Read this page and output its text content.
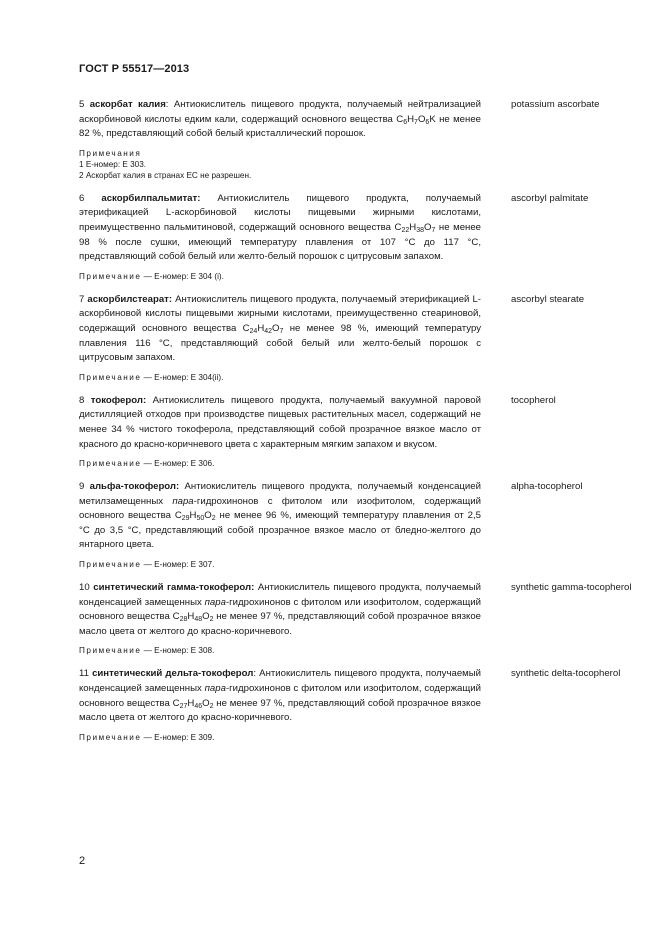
ГОСТ Р 55517—2013
5 аскорбат калия: Антиокислитель пищевого продукта, получаемый нейтрализацией аскорбиновой кислоты едким кали, содержащий основного вещества $C_6H_7O_6K$ не менее 82 %, представляющий собой белый кристаллический порошок.
potassium ascorbate
Примечания
1 Е-номер: Е 303.
2 Аскорбат калия в странах ЕС не разрешен.
6 аскорбилпальмитат: Антиокислитель пищевого продукта, получаемый этерификацией L-аскорбиновой кислоты пищевыми жирными кислотами, преимущественно пальмитиновой, содержащий основного вещества $C_{22}H_{38}O_7$ не менее 98 % после сушки, имеющий температуру плавления от 107 °С до 117 °С, представляющий собой белый или желто-белый порошок с цитрусовым запахом.
ascorbyl palmitate
Примечание — Е-номер: Е 304 (i).
7 аскорбилстеарат: Антиокислитель пищевого продукта, получаемый этерификацией L-аскорбиновой кислоты пищевыми жирными кислотами, преимущественно стеариновой, содержащий основного вещества $C_{24}H_{42}O_7$ не менее 98 %, имеющий температуру плавления 116 °С, представляющий собой белый или желто-белый порошок с цитрусовым запахом.
ascorbyl stearate
Примечание — Е-номер: Е 304(ii).
8 токоферол: Антиокислитель пищевого продукта, получаемый вакуумной паровой дистилляцией отходов при производстве пищевых растительных масел, содержащий не менее 34 % чистого токоферола, представляющий собой прозрачное вязкое масло от красного до красно-коричневого цвета с характерным мягким запахом и вкусом.
tocopherol
Примечание — Е-номер: Е 306.
9 альфа-токоферол: Антиокислитель пищевого продукта, получаемый конденсацией метилзамещенных пара-гидрохинонов с фитолом или изофитолом, содержащий основного вещества $C_{29}H_{50}O_2$ не менее 96 %, имеющий температуру плавления от 2,5 °С до 3,5 °С, представляющий собой прозрачное вязкое масло от бледно-желтого до янтарного цвета.
alpha-tocopherol
Примечание — Е-номер: Е 307.
10 синтетический гамма-токоферол: Антиокислитель пищевого продукта, получаемый конденсацией замещенных пара-гидрохинонов с фитолом или изофитолом, содержащий основного вещества $C_{28}H_{48}O_2$ не менее 97 %, представляющий собой прозрачное вязкое масло цвета от желтого до красно-коричневого.
synthetic gamma-tocopherol
Примечание — Е-номер: Е 308.
11 синтетический дельта-токоферол: Антиокислитель пищевого продукта, получаемый конденсацией замещенных пара-гидрохинонов с фитолом или изофитолом, содержащий основного вещества $C_{27}H_{46}O_2$ не менее 97 %, представляющий собой прозрачное вязкое масло цвета от желтого до красно-коричневого.
synthetic delta-tocopherol
Примечание — Е-номер: Е 309.
2
